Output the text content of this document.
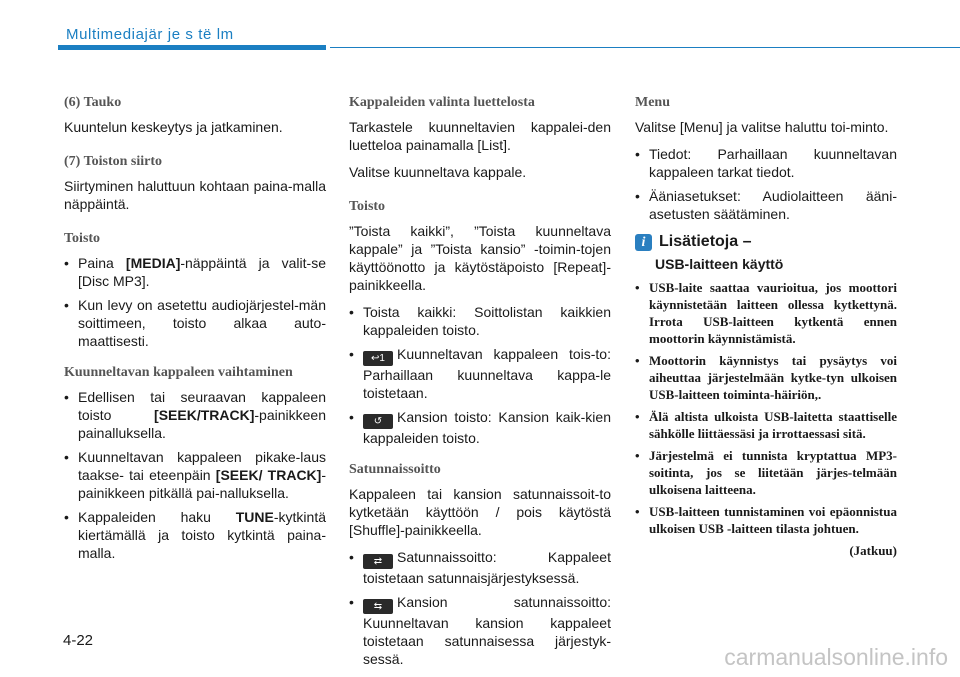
Multimediajär je s tё lm
(6) Tauko
Kuuntelun keskeytys ja jatkaminen.
(7) Toiston siirto
Siirtyminen haluttuun kohtaan paina-malla näppäintä.
Toisto
• Paina [MEDIA]-näppäintä ja valit-se [Disc MP3].
• Kun levy on asetettu audiojärjestel-män soittimeen, toisto alkaa auto-maattisesti.
Kuunneltavan kappaleen vaihtaminen
• Edellisen tai seuraavan kappaleen toisto [SEEK/TRACK]-painikkeen painalluksella.
• Kuunneltavan kappaleen pikake-laus taakse- tai eteenpäin [SEEK/ TRACK]-painikkeen pitkällä pai-nalluksella.
• Kappaleiden haku TUNE-kytkintä kiertämällä ja toisto kytkintä paina-malla.
Kappaleiden valinta luettelosta
Tarkastele kuunneltavien kappalei-den luetteloa painamalla [List].
Valitse kuunneltava kappale.
Toisto
”Toista kaikki”, ”Toista kuunneltava kappale” ja ”Toista kansio” -toimin-tojen käyttöönotto ja käytöstäpoisto [Repeat]-painikkeella.
• Toista kaikki: Soittolistan kaikkien kappaleiden toisto.
• ↩1 Kuunneltavan kappaleen tois-to: Parhaillaan kuunneltava kappa-le toistetaan.
• ↺ Kansion toisto: Kansion kaik-kien kappaleiden toisto.
Satunnaissoitto
Kappaleen tai kansion satunnaissoit-to kytketään käyttöön / pois käytöstä [Shuffle]-painikkeella.
• ⇄ Satunnaissoitto: Kappaleet toistetaan satunnaisjärjestyksessä.
• ⇆ Kansion satunnaissoitto: Kuunneltavan kansion kappaleet toistetaan satunnaisessa järjestyk-sessä.
Menu
Valitse [Menu] ja valitse haluttu toi-minto.
• Tiedot: Parhaillaan kuunneltavan kappaleen tarkat tiedot.
• Ääniasetukset: Audiolaitteen ääni-asetusten säätäminen.
i Lisätietoja –
USB-laitteen käyttö
• USB-laite saattaa vaurioitua, jos moottori käynnistetään laitteen ollessa kytkettynä. Irrota USB-laitteen kytkentä ennen moottorin käynnistämistä.
• Moottorin käynnistys tai pysäytys voi aiheuttaa järjestelmään kytke-tyn ulkoisen USB-laitteen toiminta-häiriön,.
• Älä altista ulkoista USB-laitetta staattiselle sähkölle liittäessäsi ja irrottaessasi sitä.
• Järjestelmä ei tunnista kryptattua MP3-soitinta, jos se liitetään järjes-telmään ulkoisena laitteena.
• USB-laitteen tunnistaminen voi epäonnistua ulkoisen USB -laitteen tilasta johtuen.
(Jatkuu)
4-22
carmanualsonline.info
